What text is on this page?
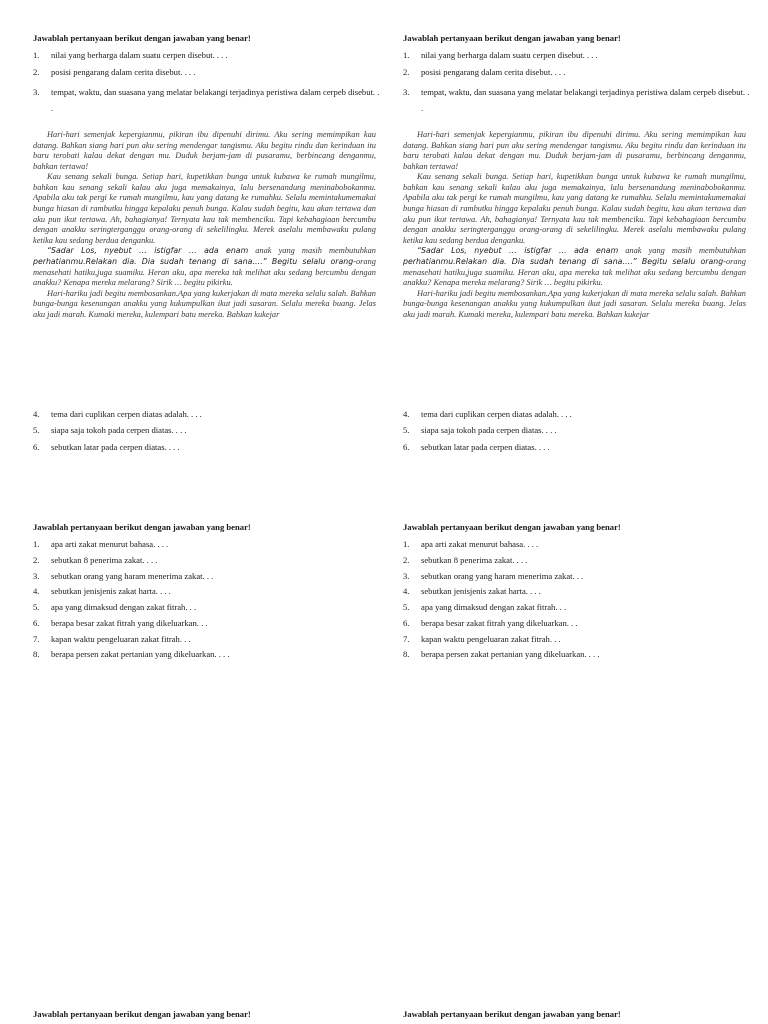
Jawablah pertanyaan berikut dengan jawaban yang benar!

1. nilai yang berharga dalam suatu cerpen disebut. . . .
2. posisi pengarang dalam cerita disebut. . . .
3. tempat, waktu, dan suasana yang melatar belakangi terjadinya peristiwa dalam cerpeb disebut. . .

Hari-hari semenjak kepergianmu, pikiran ibu dipenuhi dirimu. Aku sering memimpikan kau datang. Bahkan siang hari pun aku sering mendengar tangismu. Aku begitu rindu dan kerinduan itu baru terobati kalau dekat dengan mu. Duduk berjam-jam di pusaramu, berbincang denganmu, bahkan tertawa!

Kau senang sekali bunga. Setiap hari, kupetikkan bunga untuk kubawa ke rumah mungilmu, bahkan kau senang sekali kalau aku juga memakainya, lalu bersenandung meninabobokanmu. Apabila aku tak pergi ke rumah mungilmu, kau yang datang ke rumahku. Selalu memintakumemakai bunga hiasan di rambutku hingga kepalaku penuh bunga. Kalau sudah begitu, kau akan tertawa dan aku pun ikut tertawa. Ah, bahagianya! Ternyata kau tak membenciku. Tapi kebahagiaan bercumbu dengan anakku seringterganggu orang-orang di sekelilingku. Merek aselalu membawaku pulang ketika kau sedang berdua denganku.

“Sadar Los, nyebut … istigfar … ada enam anak yang masih membutuhkan perhatianmu.Relakan dia. Dia sudah tenang di sana….” Begitu selalu orang-orang menasehati hatiku,juga suamiku. Heran aku, apa mereka tak melihat aku sedang bercumbu dengan anakku? Kenapa mereka melarang? Sirik … begitu pikirku.

Hari-hariku jadi begitu membosankan.Apa yang kukerjakan di mata mereka selalu salah. Bahkan bunga-bunga kesenangan anakku yang kukumpulkan ikut jadi sasaran. Selalu mereka buang. Jelas aku jadi marah. Kumaki mereka, kulempari batu mereka. Bahkan kukejar

4. tema dari cuplikan cerpen diatas adalah. . . .
5. siapa saja tokoh pada cerpen diatas. . . .
6. sebutkan latar pada cerpen diatas. . . .

Jawablah pertanyaan berikut dengan jawaban yang benar!

1. apa arti zakat menurut bahasa. . . .
2. sebutkan 8 penerima zakat. . . .
3. sebutkan orang yang haram menerima zakat. . .
4. sebutkan jenisjenis zakat harta. . . .
5. apa yang dimaksud dengan zakat fitrah. . .
6. berapa besar zakat fitrah yang dikeluarkan. . .
7. kapan waktu pengeluaran zakat fitrah. . .
8. berapa persen zakat pertanian yang dikeluarkan. . . .

Jawablah pertanyaan berikut dengan jawaban yang benar!

Jawablah pertanyaan berikut dengan jawaban yang benar!

1. nilai yang berharga dalam suatu cerpen disebut. . . .
2. posisi pengarang dalam cerita disebut. . . .
3. tempat, waktu, dan suasana yang melatar belakangi terjadinya peristiwa dalam cerpeb disebut. . .

Hari-hari semenjak kepergianmu, pikiran ibu dipenuhi dirimu. Aku sering memimpikan kau datang. Bahkan siang hari pun aku sering mendengar tangismu. Aku begitu rindu dan kerinduan itu baru terobati kalau dekat dengan mu. Duduk berjam-jam di pusaramu, berbincang denganmu, bahkan tertawa!

Kau senang sekali bunga. Setiap hari, kupetikkan bunga untuk kubawa ke rumah mungilmu, bahkan kau senang sekali kalau aku juga memakainya, lalu bersenandung meninabobokanmu. Apabila aku tak pergi ke rumah mungilmu, kau yang datang ke rumahku. Selalu memintakumemakai bunga hiasan di rambutku hingga kepalaku penuh bunga. Kalau sudah begitu, kau akan tertawa dan aku pun ikut tertawa. Ah, bahagianya! Ternyata kau tak membenciku. Tapi kebahagiaan bercumbu dengan anakku seringterganggu orang-orang di sekelilingku. Merek aselalu membawaku pulang ketika kau sedang berdua denganku.

“Sadar Los, nyebut … istigfar … ada enam anak yang masih membutuhkan perhatianmu.Relakan dia. Dia sudah tenang di sana….” Begitu selalu orang-orang menasehati hatiku,juga suamiku. Heran aku, apa mereka tak melihat aku sedang bercumbu dengan anakku? Kenapa mereka melarang? Sirik … begitu pikirku.

Hari-hariku jadi begitu membosankan.Apa yang kukerjakan di mata mereka selalu salah. Bahkan bunga-bunga kesenangan anakku yang kukumpulkan ikut jadi sasaran. Selalu mereka buang. Jelas aku jadi marah. Kumaki mereka, kulempari batu mereka. Bahkan kukejar

4. tema dari cuplikan cerpen diatas adalah. . . .
5. siapa saja tokoh pada cerpen diatas. . . .
6. sebutkan latar pada cerpen diatas. . . .

Jawablah pertanyaan berikut dengan jawaban yang benar!

1. apa arti zakat menurut bahasa. . . .
2. sebutkan 8 penerima zakat. . . .
3. sebutkan orang yang haram menerima zakat. . .
4. sebutkan jenisjenis zakat harta. . . .
5. apa yang dimaksud dengan zakat fitrah. . .
6. berapa besar zakat fitrah yang dikeluarkan. . .
7. kapan waktu pengeluaran zakat fitrah. . .
8. berapa persen zakat pertanian yang dikeluarkan. . . .

Jawablah pertanyaan berikut dengan jawaban yang benar!
